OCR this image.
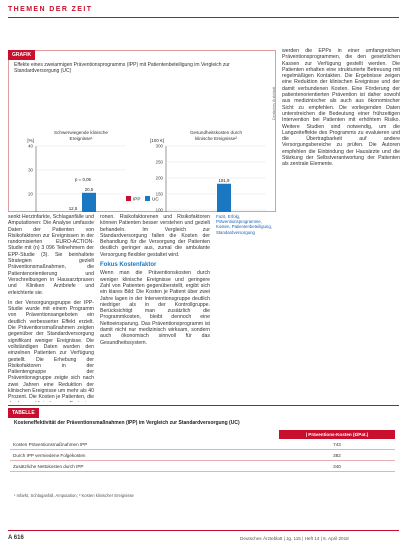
THEMEN DER ZEIT
GRAFIK
Effekte eines zweiarmigen Präventionsprogramms (IPP) mit Patientenbeteiligung im Vergleich zur Standardversorgung (UC)
Schwerwiegende klinische
Ereignisse¹
[%]
20
30
40
12,5
20,5
p = 0,05
Gesundheitskosten durch
klinische Ereignisse²
[100 €]
100
150
200
250
300
181,9
IPP	UC
Deutsches Ärzteblatt

werden die EPPs in einer umfangreichen Präventionsprogrammen, die den gesetzlichen Kassen zur Verfügung gestellt werden. Die Patienten erhalten eine strukturierte Betreuung mit regelmäßigen Kontakten. Die Ergebnisse zeigen eine Reduktion der klinischen Ereignisse und der damit verbundenen Kosten. Eine Förderung der patientenorientierten Prävention ist daher sowohl aus medizinischer als auch aus ökonomischer Sicht zu empfehlen. Die vorliegenden Daten unterstreichen die Bedeutung einer frühzeitigen Intervention bei Patienten mit erhöhtem Risiko. Weitere Studien sind notwendig, um die Langzeiteffekte des Programms zu evaluieren und die Übertragbarkeit auf andere Versorgungsbereiche zu prüfen. Die Autoren empfehlen die Einbindung der Hausärzte und die Stärkung der Selbstverantwortung der Patienten als zentrale Elemente.

senkt Herzinfarkte, Schlaganfälle und Amputationen: Die Analyse umfasste Daten der Patienten von Risikofaktoren zur Ereignissen in der randomisierten EURO-ACTION-Studie mit (n) 3 096 Teilnehmern der EPP-Studie (3). Sie beinhaltete Strategien gezielt Präventionsmaßnahmen, die Patientenorientierung und Verschreibungen in Hausarztpraxen und Kliniken Arztbriefe und erleichterte sie.

In der Versorgungsgruppe der IPP-Studie wurde mit einem Programm von Präventionsangeboten ein deutlich verbesserter Effekt erzielt. Die Präventionsmaßnahmen zeigten gegenüber der Standardversorgung signifikant weniger Ereignisse. Die vollständigen Daten wurden den einzelnen Patienten zur Verfügung gestellt. Die Erhebung der Risikofaktoren in der Patientengruppe der Präventionsgruppe zeigte sich nach zwei Jahren eine Reduktion der klinischen Ereignisse um mehr als 40 Prozent. Die Kosten je Patienten, die

ronen. Risikofaktorenen und Risikofaktoren können Patienten besser verstehen und gezielt behandeln. Im Vergleich zur Standardversorgung fallen die Kosten der Behandlung für die Versorgung der Patienten deutlich geringer aus, zumal die ambulante Versorgung flexibler gestaltet wird.

Fokus Kostenfaktor

Wenn man die Präventionskosten durch weniger klinische Ereignisse und geringere Zahl von Patienten gegenüberstellt, ergibt sich ein klares Bild: Die Kosten je Patient über zwei Jahre lagen in der Interventionsgruppe deutlich niedriger als in der Kontrollgruppe. Berücksichtigt man zusätzlich die Programmkosten, bleibt dennoch eine Nettoeinsparung. Das Präventionsprogramm ist damit nicht nur medizinisch wirksam, sondern auch ökonomisch sinnvoll für das Gesundheitssystem.

Fazit, Erfolg, Präventionsprogramme, Kosten, Patientenbeteiligung, Standardversorgung
TABELLE
Kosteneffektivität der Präventionsmaßnahmen (IPP) im Vergleich zur Standardversorgung (UC)
	| Präventions-Kosten (€/Pat.)
Kosten Präventionsmaßnahmen IPP	743
Durch IPP vermiedene Folgekosten	382
Zusätzliche Nettokosten durch IPP	340
¹ Infarkt, Schlaganfall, Amputation; ² Kosten klinischer Ereignisse
A 616	Deutsches Ärzteblatt | Jg. 115 | Heft 14 | 6. April 2018
